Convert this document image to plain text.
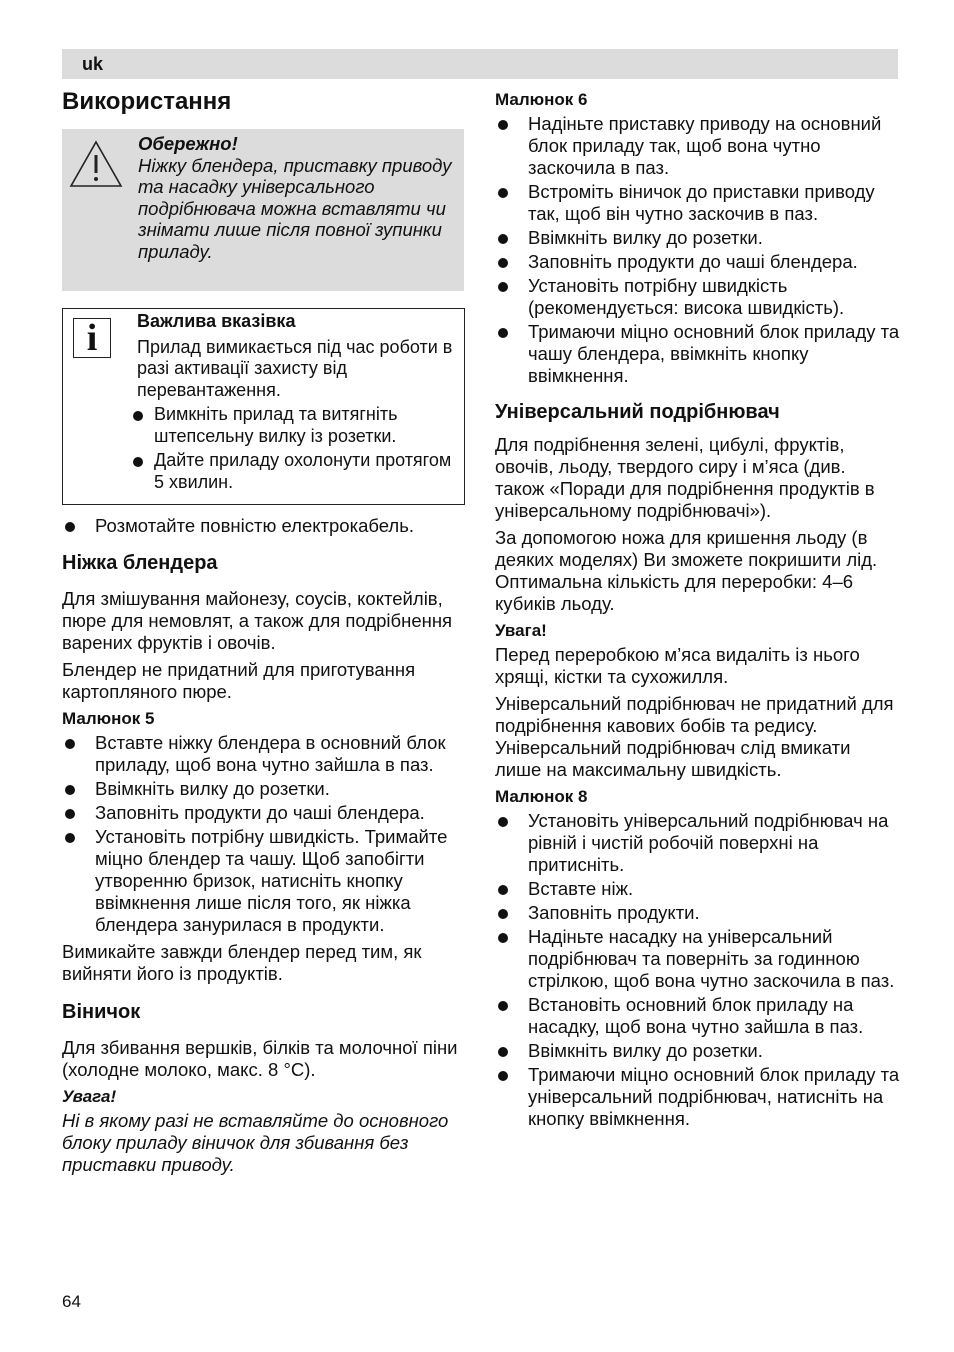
uk
Використання
Обережно!
Ніжку блендера, приставку приводу та насадку універсального подрібнювача можна вставляти чи знімати лише після повної зупинки приладу.
i	Важлива вказівка

Прилад вимикається під час роботи в разі активації захисту від перевантаження.

Вимкніть прилад та витягніть штепсельну вилку із розетки.
Дайте приладу охолонути протягом 5 хвилин.
Розмотайте повністю електрокабель.
Ніжка блендера

Для змішування майонезу, соусів, коктейлів, пюре для немовлят, а також для подрібнення варених фруктів і овочів.

Блендер не придатний для приготування картопляного пюре.

Малюнок 5

Вставте ніжку блендера в основний блок приладу, щоб вона чутно зайшла в паз.
Ввімкніть вилку до розетки.
Заповніть продукти до чаші блендера.
Установіть потрібну швидкість. Тримайте міцно блендер та чашу. Щоб запобігти утворенню бризок, натисніть кнопку ввімкнення лише після того, як ніжка блендера занурилася в продукти.

Вимикайте завжди блендер перед тим, як вийняти його із продуктів.

Віничок

Для збивання вершків, білків та молочної піни (холодне молоко, макс. 8 °C).

Увага!

Ні в якому разі не вставляйте до основного блоку приладу віничок для збивання без приставки приводу.

Малюнок 6

Надіньте приставку приводу на основний блок приладу так, щоб вона чутно заскочила в паз.
Встроміть віничок до приставки приводу так, щоб він чутно заскочив в паз.
Ввімкніть вилку до розетки.
Заповніть продукти до чаші блендера.
Установіть потрібну швидкість (рекомендується: висока швидкість).
Тримаючи міцно основний блок приладу та чашу блендера, ввімкніть кнопку ввімкнення.
Універсальний подрібнювач

Для подрібнення зелені, цибулі, фруктів, овочів, льоду, твердого сиру і м’яса (див. також «Поради для подрібнення продуктів в універсальному подрібнювачі»).

За допомогою ножа для кришення льоду (в деяких моделях) Ви зможете покришити лід. Оптимальна кількість для переробки: 4–6 кубиків льоду.

Увага!

Перед переробкою м’яса видаліть із нього хрящі, кістки та сухожилля.

Універсальний подрібнювач не придатний для подрібнення кавових бобів та редису. Універсальний подрібнювач слід вмикати лише на максимальну швидкість.

Малюнок 8

Установіть універсальний подрібнювач на рівній і чистій робочій поверхні на притисніть.
Вставте ніж.
Заповніть продукти.
Надіньте насадку на універсальний подрібнювач та поверніть за годинною стрілкою, щоб вона чутно заскочила в паз.
Встановіть основний блок приладу на насадку, щоб вона чутно зайшла в паз.
Ввімкніть вилку до розетки.
Тримаючи міцно основний блок приладу та універсальний подрібнювач, натисніть на кнопку ввімкнення.
64
